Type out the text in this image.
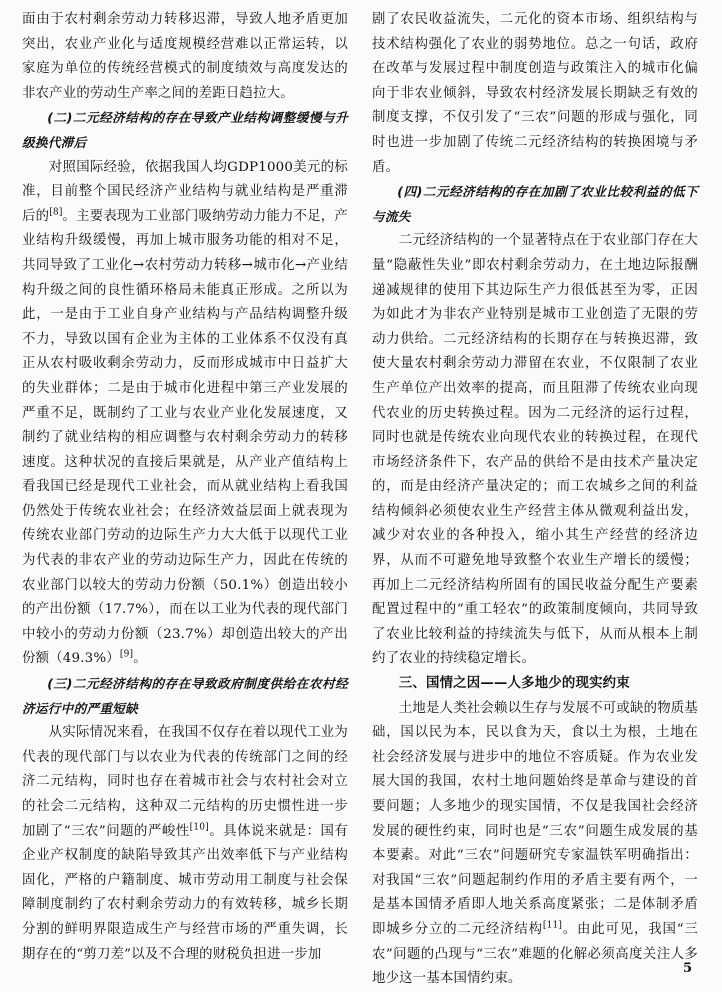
面由于农村剩余劳动力转移迟滞，导致人地矛盾更加突出，农业产业化与适度规模经营难以正常运转，以家庭为单位的传统经营模式的制度绩效与高度发达的非农产业的劳动生产率之间的差距日趋拉大。

(二)二元经济结构的存在导致产业结构调整缓慢与升级换代滞后

对照国际经验，依据我国人均GDP1000美元的标准，目前整个国民经济产业结构与就业结构是严重滞后的[8]。主要表现为工业部门吸纳劳动力能力不足，产业结构升级缓慢，再加上城市服务功能的相对不足，共同导致了工业化→农村劳动力转移→城市化→产业结构升级之间的良性循环格局未能真正形成。之所以为此，一是由于工业自身产业结构与产品结构调整升级不力，导致以国有企业为主体的工业体系不仅没有真正从农村吸收剩余劳动力，反而形成城市中日益扩大的失业群体；二是由于城市化进程中第三产业发展的严重不足，既制约了工业与农业产业化发展速度，又制约了就业结构的相应调整与农村剩余劳动力的转移速度。这种状况的直接后果就是，从产业产值结构上看我国已经是现代工业社会，而从就业结构上看我国仍然处于传统农业社会；在经济效益层面上就表现为传统农业部门劳动的边际生产力大大低于以现代工业为代表的非农产业的劳动边际生产力，因此在传统的农业部门以较大的劳动力份额（50.1%）创造出较小的产出份额（17.7%），而在以工业为代表的现代部门中较小的劳动力份额（23.7%）却创造出较大的产出份额（49.3%）[9]。

(三)二元经济结构的存在导致政府制度供给在农村经济运行中的严重短缺

从实际情况来看，在我国不仅存在着以现代工业为代表的现代部门与以农业为代表的传统部门之间的经济二元结构，同时也存在着城市社会与农村社会对立的社会二元结构，这种双二元结构的历史惯性进一步加剧了“三农”问题的严峻性[10]。具体说来就是：国有企业产权制度的缺陷导致其产出效率低下与产业结构固化，严格的户籍制度、城市劳动用工制度与社会保障制度制约了农村剩余劳动力的有效转移，城乡长期分割的鲜明界限造成生产与经营市场的严重失调，长期存在的“剪刀差”以及不合理的财税负担进一步加

剧了农民收益流失，二元化的资本市场、组织结构与技术结构强化了农业的弱势地位。总之一句话，政府在改革与发展过程中制度创造与政策注入的城市化偏向于非农业倾斜，导致农村经济发展长期缺乏有效的制度支撑，不仅引发了“三农”问题的形成与强化，同时也进一步加剧了传统二元经济结构的转换困境与矛盾。

(四)二元经济结构的存在加剧了农业比较利益的低下与流失

二元经济结构的一个显著特点在于农业部门存在大量“隐蔽性失业”即农村剩余劳动力，在土地边际报酬递减规律的使用下其边际生产力很低甚至为零，正因为如此才为非农产业特别是城市工业创造了无限的劳动力供给。二元经济结构的长期存在与转换迟滞，致使大量农村剩余劳动力滞留在农业，不仅限制了农业生产单位产出效率的提高，而且阻滞了传统农业向现代农业的历史转换过程。因为二元经济的运行过程，同时也就是传统农业向现代农业的转换过程，在现代市场经济条件下，农产品的供给不是由技术产量决定的，而是由经济产量决定的；而工农城乡之间的利益结构倾斜必须使农业生产经营主体从微观利益出发，减少对农业的各种投入，缩小其生产经营的经济边界，从而不可避免地导致整个农业生产增长的缓慢；再加上二元经济结构所固有的国民收益分配生产要素配置过程中的“重工轻农”的政策制度倾向，共同导致了农业比较利益的持续流失与低下，从而从根本上制约了农业的持续稳定增长。

三、国情之因——人多地少的现实约束

土地是人类社会赖以生存与发展不可或缺的物质基础，国以民为本，民以食为天，食以土为根，土地在社会经济发展与进步中的地位不容质疑。作为农业发展大国的我国，农村土地问题始终是革命与建设的首要问题；人多地少的现实国情，不仅是我国社会经济发展的硬性约束，同时也是“三农”问题生成发展的基本要素。对此“三农”问题研究专家温铁军明确指出：对我国“三农”问题起制约作用的矛盾主要有两个，一是基本国情矛盾即人地关系高度紧张；二是体制矛盾即城乡分立的二元经济结构[11]。由此可见，我国“三农”问题的凸现与“三农”难题的化解必须高度关注人多地少这一基本国情约束。

5
